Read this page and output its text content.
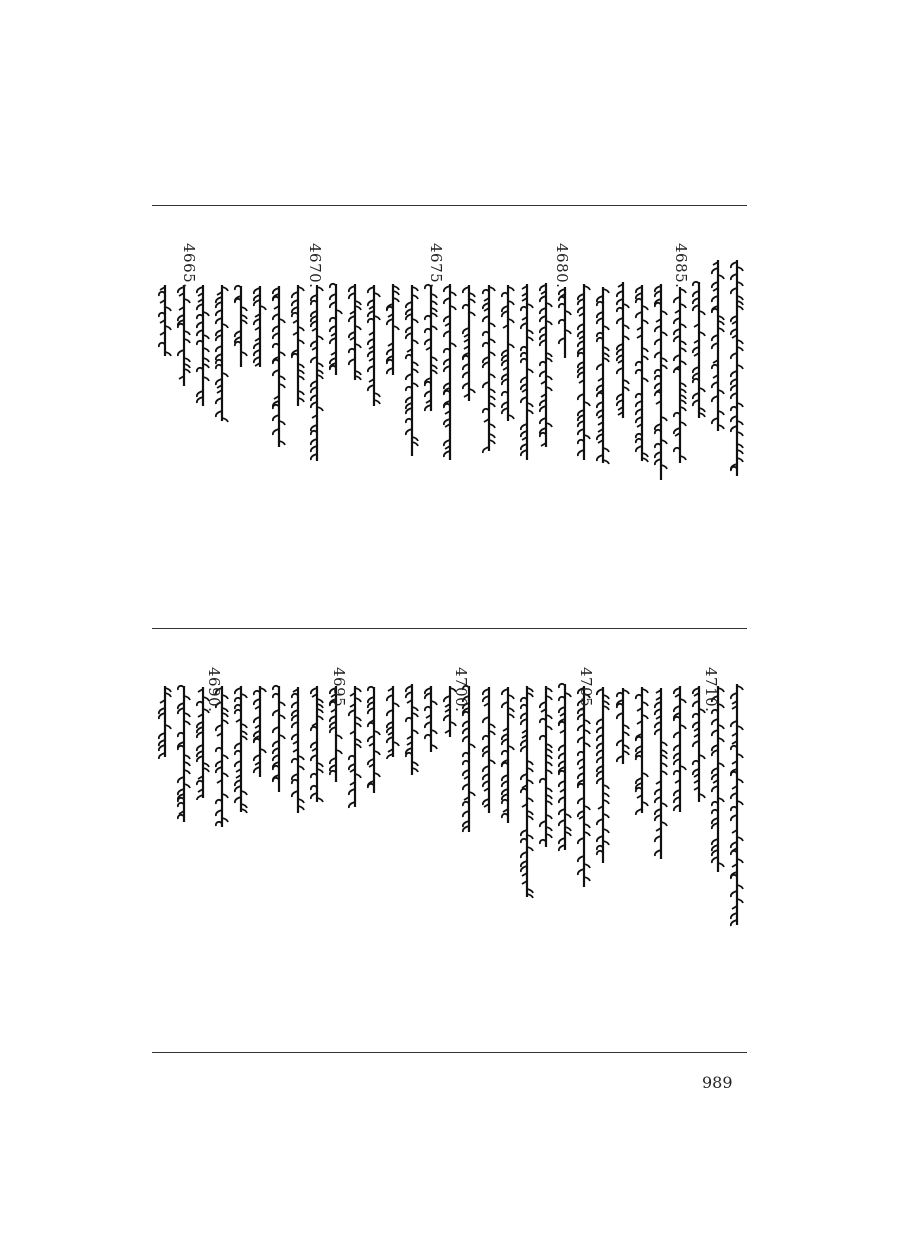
4685.
4680.
4675.
4670.
4665.
4710.
4705.
4700.
4695.
4690.
989
